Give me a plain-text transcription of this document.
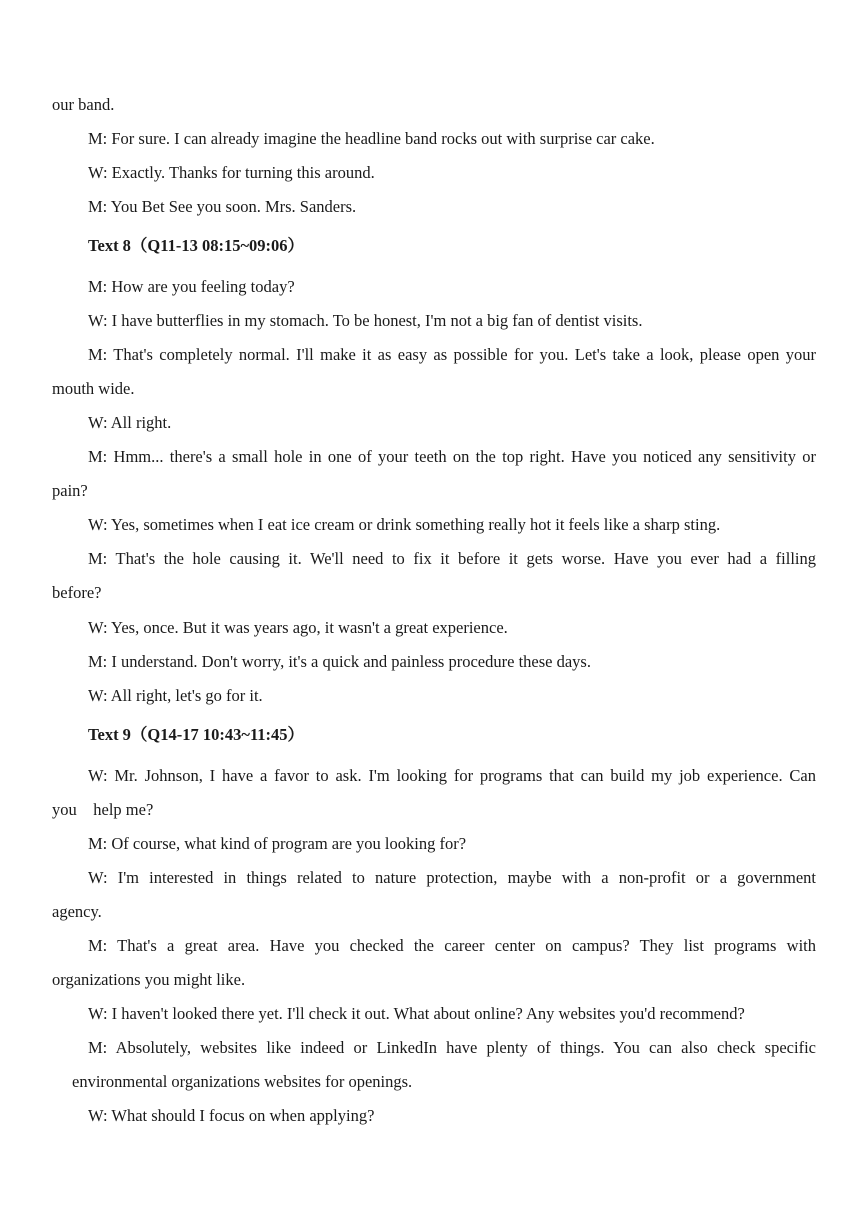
our band.

M: For sure. I can already imagine the headline band rocks out with surprise car cake.

W: Exactly. Thanks for turning this around.

M: You Bet See you soon. Mrs. Sanders.

Text 8（Q11-13 08:15~09:06）

M: How are you feeling today?

W: I have butterflies in my stomach. To be honest, I'm not a big fan of dentist visits.

M: That's completely normal. I'll make it as easy as possible for you. Let's take a look, please open your
mouth wide.

W: All right.

M: Hmm... there's a small hole in one of your teeth on the top right. Have you noticed any sensitivity or
pain?

W: Yes, sometimes when I eat ice cream or drink something really hot it feels like a sharp sting.

M: That's the hole causing it. We'll need to fix it before it gets worse. Have you ever had a filling
before?

W: Yes, once. But it was years ago, it wasn't a great experience.

M: I understand. Don't worry, it's a quick and painless procedure these days.

W: All right, let's go for it.

Text 9（Q14-17 10:43~11:45）

W: Mr. Johnson, I have a favor to ask. I'm looking for programs that can build my job experience. Can
you    help me?

M: Of course, what kind of program are you looking for?

W: I'm interested in things related to nature protection, maybe with a non-profit or a government
agency.
M: That's a great area. Have you checked the career center on campus? They list programs with
organizations you might like.

W: I haven't looked there yet. I'll check it out. What about online? Any websites you'd recommend?

M: Absolutely, websites like indeed or LinkedIn have plenty of things. You can also check specific
environmental organizations websites for openings.

W: What should I focus on when applying?
